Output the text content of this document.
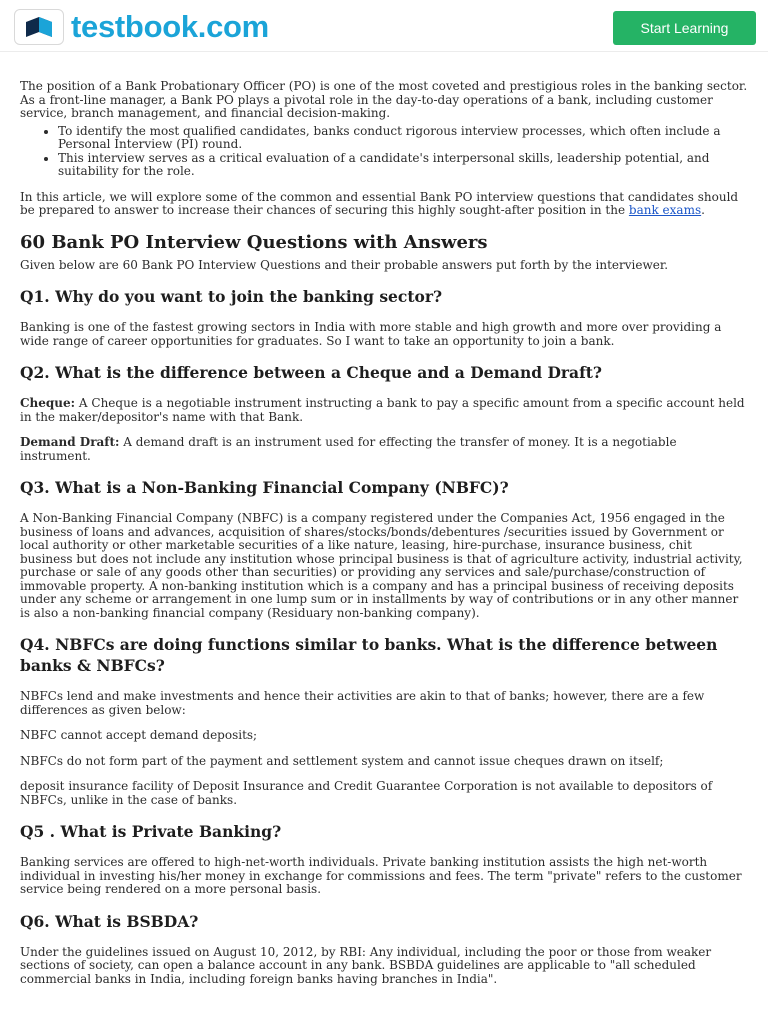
testbook.com	Start Learning

The position of a Bank Probationary Officer (PO) is one of the most coveted and prestigious roles in the banking sector. As a front-line manager, a Bank PO plays a pivotal role in the day-to-day operations of a bank, including customer service, branch management, and financial decision-making.

• To identify the most qualified candidates, banks conduct rigorous interview processes, which often include a Personal Interview (PI) round.
• This interview serves as a critical evaluation of a candidate's interpersonal skills, leadership potential, and suitability for the role.

In this article, we will explore some of the common and essential Bank PO interview questions that candidates should be prepared to answer to increase their chances of securing this highly sought-after position in the bank exams.

60 Bank PO Interview Questions with Answers

Given below are 60 Bank PO Interview Questions and their probable answers put forth by the interviewer.

Q1. Why do you want to join the banking sector?

Banking is one of the fastest growing sectors in India with more stable and high growth and more over providing a wide range of career opportunities for graduates. So I want to take an opportunity to join a bank.

Q2. What is the difference between a Cheque and a Demand Draft?

Cheque: A Cheque is a negotiable instrument instructing a bank to pay a specific amount from a specific account held in the maker/depositor's name with that Bank.

Demand Draft: A demand draft is an instrument used for effecting the transfer of money. It is a negotiable instrument.

Q3. What is a Non-Banking Financial Company (NBFC)?

A Non-Banking Financial Company (NBFC) is a company registered under the Companies Act, 1956 engaged in the business of loans and advances, acquisition of shares/stocks/bonds/debentures /securities issued by Government or local authority or other marketable securities of a like nature, leasing, hire-purchase, insurance business, chit business but does not include any institution whose principal business is that of agriculture activity, industrial activity, purchase or sale of any goods other than securities) or providing any services and sale/purchase/construction of immovable property. A non-banking institution which is a company and has a principal business of receiving deposits under any scheme or arrangement in one lump sum or in installments by way of contributions or in any other manner is also a non-banking financial company (Residuary non-banking company).

Q4. NBFCs are doing functions similar to banks. What is the difference between banks & NBFCs?

NBFCs lend and make investments and hence their activities are akin to that of banks; however, there are a few differences as given below:

NBFC cannot accept demand deposits;

NBFCs do not form part of the payment and settlement system and cannot issue cheques drawn on itself;

deposit insurance facility of Deposit Insurance and Credit Guarantee Corporation is not available to depositors of NBFCs, unlike in the case of banks.

Q5 . What is Private Banking?

Banking services are offered to high-net-worth individuals. Private banking institution assists the high net-worth individual in investing his/her money in exchange for commissions and fees. The term "private" refers to the customer service being rendered on a more personal basis.

Q6. What is BSBDA?

Under the guidelines issued on August 10, 2012, by RBI: Any individual, including the poor or those from weaker sections of society, can open a balance account in any bank. BSBDA guidelines are applicable to "all scheduled commercial banks in India, including foreign banks having branches in India".
